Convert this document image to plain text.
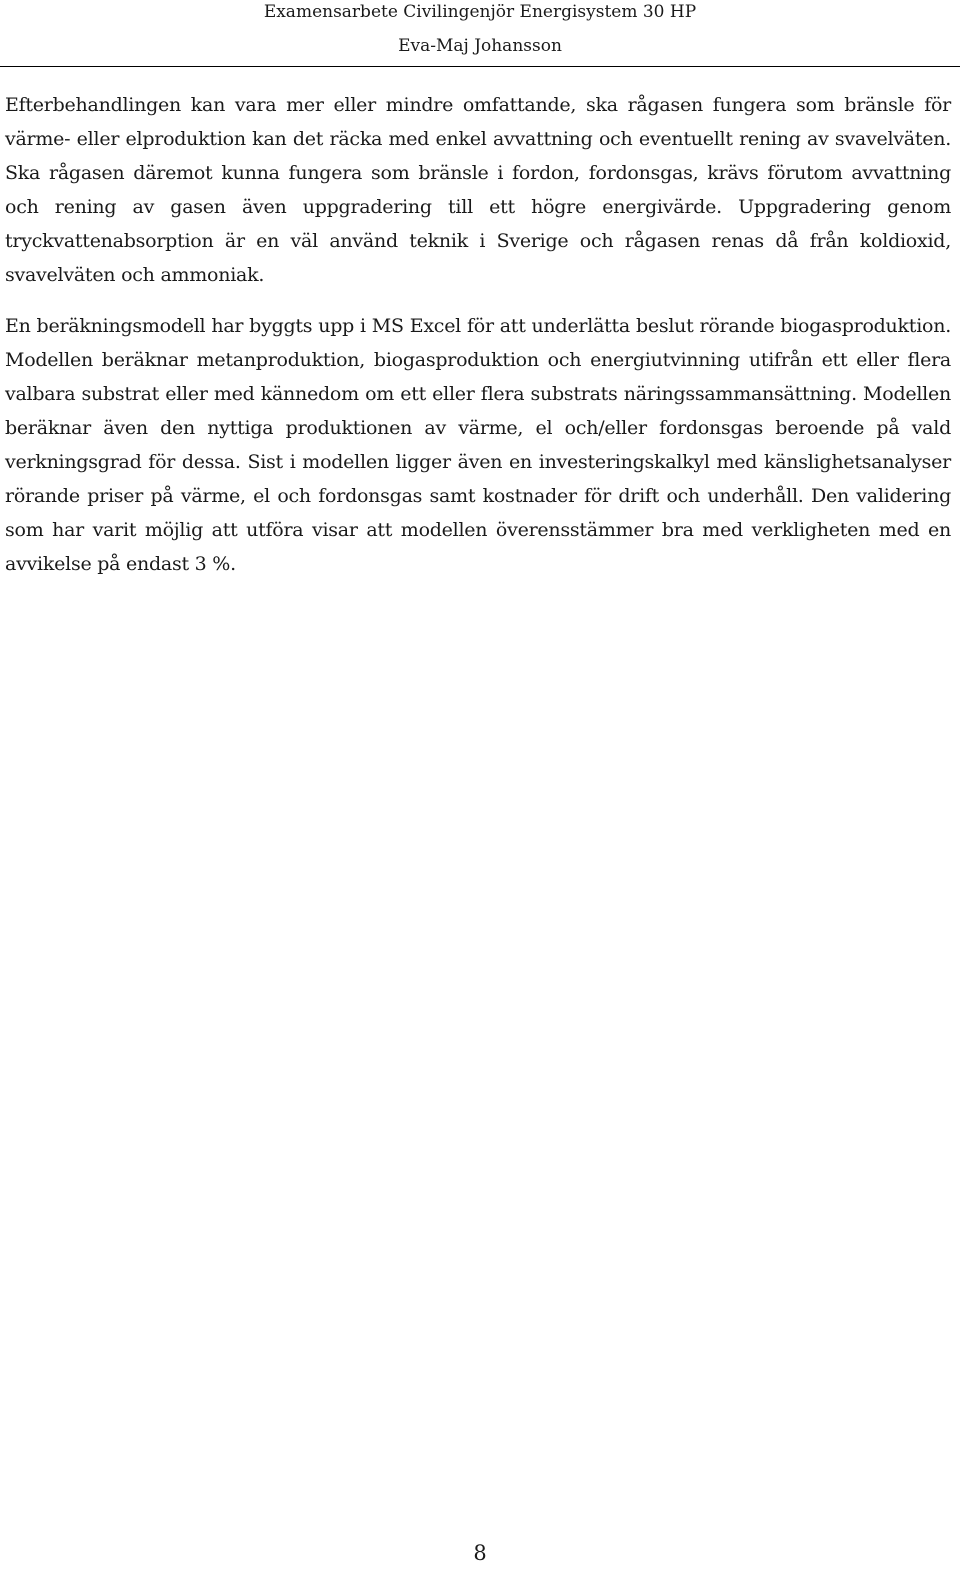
Examensarbete Civilingenjör Energisystem 30 HP
Eva-Maj Johansson

Efterbehandlingen kan vara mer eller mindre omfattande, ska rågasen fungera som bränsle för värme- eller elproduktion kan det räcka med enkel avvattning och eventuellt rening av svavelväten. Ska rågasen däremot kunna fungera som bränsle i fordon, fordonsgas, krävs förutom avvattning och rening av gasen även uppgradering till ett högre energivärde. Uppgradering genom tryckvattenabsorption är en väl använd teknik i Sverige och rågasen renas då från koldioxid, svavelväten och ammoniak.

En beräkningsmodell har byggts upp i MS Excel för att underlätta beslut rörande biogasproduktion. Modellen beräknar metanproduktion, biogasproduktion och energiutvinning utifrån ett eller flera valbara substrat eller med kännedom om ett eller flera substrats näringssammansättning. Modellen beräknar även den nyttiga produktionen av värme, el och/eller fordonsgas beroende på vald verkningsgrad för dessa. Sist i modellen ligger även en investeringskalkyl med känslighetsanalyser rörande priser på värme, el och fordonsgas samt kostnader för drift och underhåll. Den validering som har varit möjlig att utföra visar att modellen överensstämmer bra med verkligheten med en avvikelse på endast 3 %.

8
